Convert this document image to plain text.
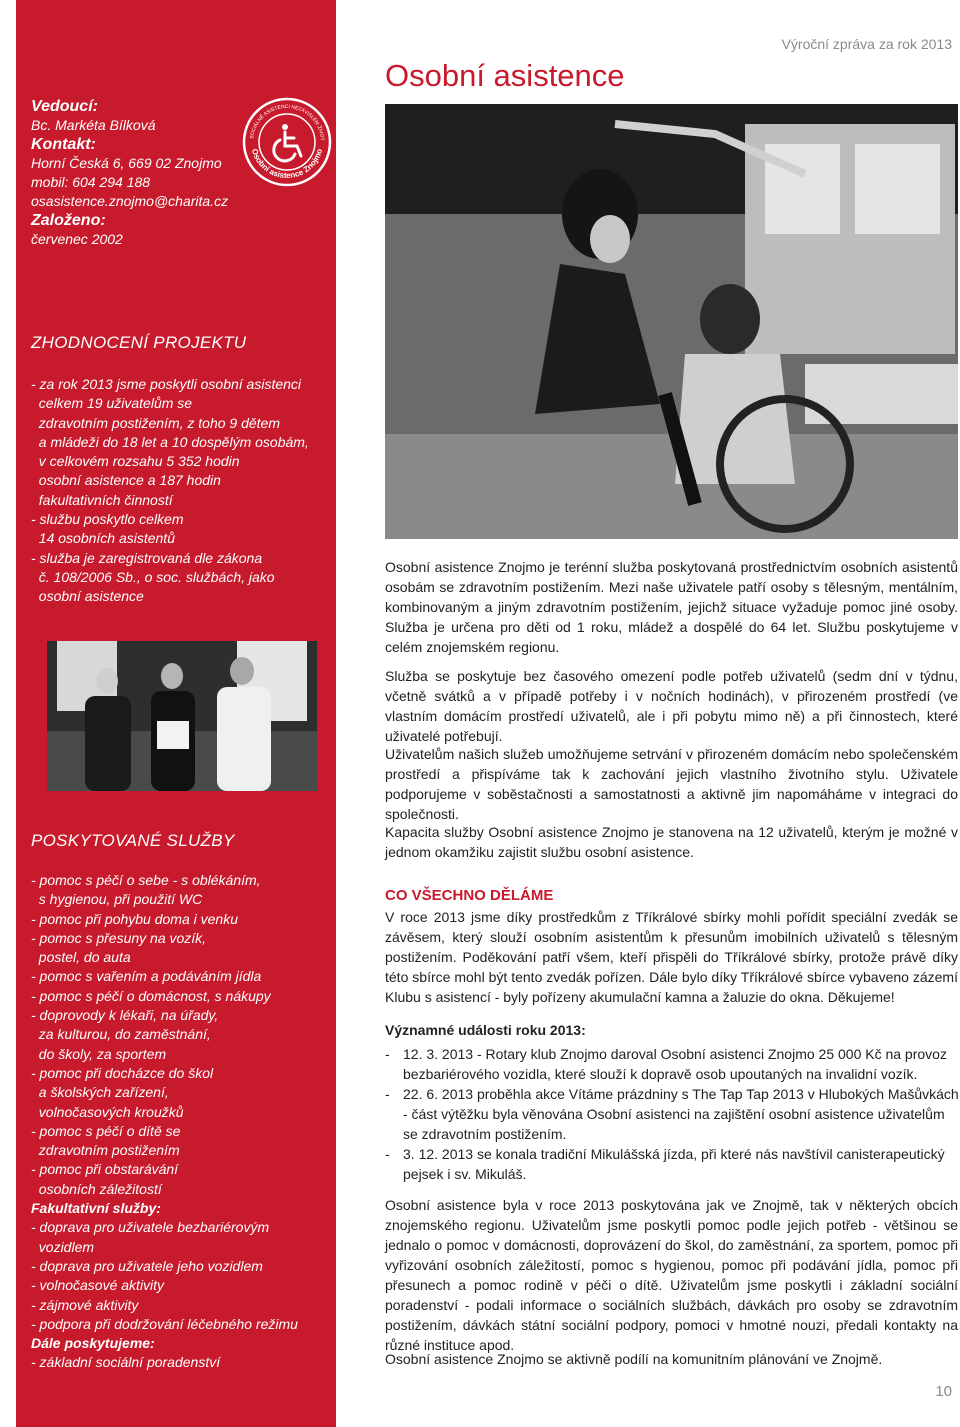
Vedoucí:
Bc. Markéta Bílková
Kontakt:
Horní Česká 6, 669 02 Znojmo
mobil: 604 294 188
osasistence.znojmo@charita.cz
Založeno:
červenec 2002
SOCIÁLNĚ ASISTENCI NEZÁVISLÉM ŽIVOT
Osobní asistence Znojmo
ZHODNOCENÍ PROJEKTU
- za rok 2013 jsme poskytli osobní asistenci
celkem 19 uživatelům se
zdravotním postižením, z toho 9 dětem
a mládeži do 18 let a 10 dospělým osobám,
v celkovém rozsahu 5 352 hodin
osobní asistence a 187 hodin
fakultativních činností
- službu poskytlo celkem
14 osobních asistentů
- služba je zaregistrovaná dle zákona
č. 108/2006 Sb., o soc. službách, jako
osobní asistence
POSKYTOVANÉ SLUŽBY
- pomoc s péčí o sebe - s oblékáním,
s hygienou, při použití WC
- pomoc při pohybu doma i venku
- pomoc s přesuny na vozík,
postel, do auta
- pomoc s vařením a podáváním jídla
- pomoc s péčí o domácnost, s nákupy
- doprovody k lékaři, na úřady,
za kulturou, do zaměstnání,
do školy, za sportem
- pomoc při docházce do škol
a školských zařízení,
volnočasových kroužků
- pomoc s péčí o dítě se
zdravotním postižením
- pomoc při obstarávání
osobních záležitostí
Fakultativní služby:
- doprava pro uživatele bezbariérovým
vozidlem
- doprava pro uživatele jeho vozidlem
- volnočasové aktivity
- zájmové aktivity
- podpora při dodržování léčebného režimu
Dále poskytujeme:
- základní sociální poradenství
Výroční zpráva za rok 2013
Osobní asistence

Osobní asistence Znojmo je terénní služba poskytovaná prostřednictvím osobních asistentů osobám se zdravotním postižením. Mezi naše uživatele patří osoby s tělesným, mentálním, kombinovaným a jiným zdravotním postižením, jejichž situace vyžaduje pomoc jiné osoby. Služba je určena pro děti od 1 roku, mládež a dospělé do 64 let. Službu poskytujeme v celém znojemském regionu.

Služba se poskytuje bez časového omezení podle potřeb uživatelů (sedm dní v týdnu, včetně svátků a v případě potřeby i v nočních hodinách), v přirozeném prostředí (ve vlastním domácím prostředí uživatelů, ale i při pobytu mimo ně) a při činnostech, které uživatelé potřebují.

Uživatelům našich služeb umožňujeme setrvání v přirozeném domácím nebo společenském prostředí a přispíváme tak k zachování jejich vlastního životního stylu. Uživatele podporujeme v soběstačnosti a samostatnosti a aktivně jim napomáháme v integraci do společnosti.

Kapacita služby Osobní asistence Znojmo je stanovena na 12 uživatelů, kterým je možné v jednom okamžiku zajistit službu osobní asistence.

CO VŠECHNO DĚLÁME

V roce 2013 jsme díky prostředkům z Tříkrálové sbírky mohli pořídit speciální zvedák se závěsem, který slouží osobním asistentům k přesunům imobilních uživatelů s tělesným postižením. Poděkování patří všem, kteří přispěli do Tříkrálové sbírky, protože právě díky této sbírce mohl být tento zvedák pořízen. Dále bylo díky Tříkrálové sbírce vybaveno zázemí Klubu s asistencí - byly pořízeny akumulační kamna a žaluzie do okna. Děkujeme!

Významné události roku 2013:
- 12. 3. 2013 - Rotary klub Znojmo daroval Osobní asistenci Znojmo 25 000 Kč na provoz bezbariérového vozidla, které slouží k dopravě osob upoutaných na invalidní vozík.
- 22. 6. 2013 proběhla akce Vítáme prázdniny s The Tap Tap 2013 v Hlubokých Mašůvkách - část výtěžku byla věnována Osobní asistenci na zajištění osobní asistence uživatelům se zdravotním postižením.
- 3. 12. 2013 se konala tradiční Mikulášská jízda, při které nás navštívil canisterapeutický pejsek i sv. Mikuláš.

Osobní asistence byla v roce 2013 poskytována jak ve Znojmě, tak v některých obcích znojemského regionu. Uživatelům jsme poskytli pomoc podle jejich potřeb - většinou se jednalo o pomoc v domácnosti, doprovázení do škol, do zaměstnání, za sportem, pomoc při vyřizování osobních záležitostí, pomoc s hygienou, pomoc při podávání jídla, pomoc při přesunech a pomoc rodině v péči o dítě. Uživatelům jsme poskytli i základní sociální poradenství - podali informace o sociálních službách, dávkách pro osoby se zdravotním postižením, dávkách státní sociální podpory, pomoci v hmotné nouzi, předali kontakty na různé instituce apod.

Osobní asistence Znojmo se aktivně podílí na komunitním plánování ve Znojmě.

10
